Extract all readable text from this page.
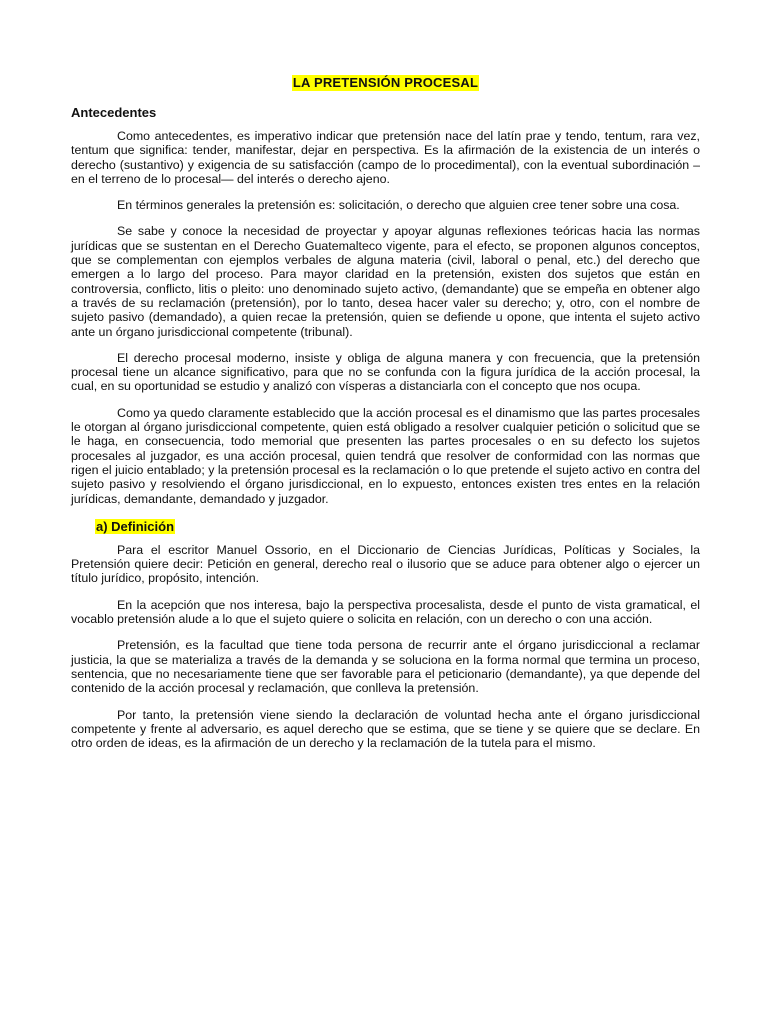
LA PRETENSIÓN PROCESAL
Antecedentes

Como antecedentes, es imperativo indicar que pretensión nace del latín prae y tendo, tentum, rara vez, tentum que significa: tender, manifestar, dejar en perspectiva. Es la afirmación de la existencia de un interés o derecho (sustantivo) y exigencia de su satisfacción (campo de lo procedimental), con la eventual subordinación –en el terreno de lo procesal— del interés o derecho ajeno.

En términos generales la pretensión es: solicitación, o derecho que alguien cree tener sobre una cosa.

Se sabe y conoce la necesidad de proyectar y apoyar algunas reflexiones teóricas hacia las normas jurídicas que se sustentan en el Derecho Guatemalteco vigente, para el efecto, se proponen algunos conceptos, que se complementan con ejemplos verbales de alguna materia (civil, laboral o penal, etc.) del derecho que emergen a lo largo del proceso. Para mayor claridad en la pretensión, existen dos sujetos que están en controversia, conflicto, litis o pleito: uno denominado sujeto activo, (demandante) que se empeña en obtener algo a través de su reclamación (pretensión), por lo tanto, desea hacer valer su derecho; y, otro, con el nombre de sujeto pasivo (demandado), a quien recae la pretensión, quien se defiende u opone, que intenta el sujeto activo ante un órgano jurisdiccional competente (tribunal).

El derecho procesal moderno, insiste y obliga de alguna manera y con frecuencia, que la pretensión procesal tiene un alcance significativo, para que no se confunda con la figura jurídica de la acción procesal, la cual, en su oportunidad se estudio y analizó con vísperas a distanciarla con el concepto que nos ocupa.

Como ya quedo claramente establecido que la acción procesal es el dinamismo que las partes procesales le otorgan al órgano jurisdiccional competente, quien está obligado a resolver cualquier petición o solicitud que se le haga, en consecuencia, todo memorial que presenten las partes procesales o en su defecto los sujetos procesales al juzgador, es una acción procesal, quien tendrá que resolver de conformidad con las normas que rigen el juicio entablado; y la pretensión procesal es la reclamación o lo que pretende el sujeto activo en contra del sujeto pasivo y resolviendo el órgano jurisdiccional, en lo expuesto, entonces existen tres entes en la relación jurídicas, demandante, demandado y juzgador.

a) Definición

Para el escritor Manuel Ossorio, en el Diccionario de Ciencias Jurídicas, Políticas y Sociales, la Pretensión quiere decir: Petición en general, derecho real o ilusorio que se aduce para obtener algo o ejercer un título jurídico, propósito, intención.

En la acepción que nos interesa, bajo la perspectiva procesalista, desde el punto de vista gramatical, el vocablo pretensión alude a lo que el sujeto quiere o solicita en relación, con un derecho o con una acción.

Pretensión, es la facultad que tiene toda persona de recurrir ante el órgano jurisdiccional a reclamar justicia, la que se materializa a través de la demanda y se soluciona en la forma normal que termina un proceso, sentencia, que no necesariamente tiene que ser favorable para el peticionario (demandante), ya que depende del contenido de la acción procesal y reclamación, que conlleva la pretensión.

Por tanto, la pretensión viene siendo la declaración de voluntad hecha ante el órgano jurisdiccional competente y frente al adversario, es aquel derecho que se estima, que se tiene y se quiere que se declare. En otro orden de ideas, es la afirmación de un derecho y la reclamación de la tutela para el mismo.
